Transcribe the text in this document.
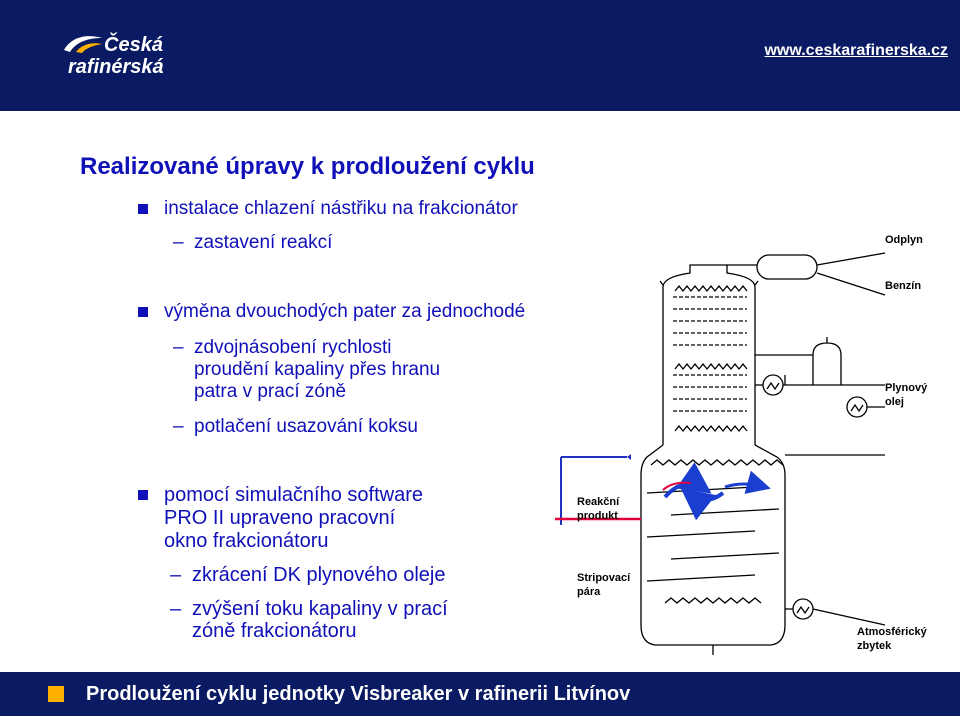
Česká
rafinérská
www.ceskarafinerska.cz
Realizované úpravy k prodloužení cyklu
instalace chlazení nástřiku na frakcionátor
– zastavení reakcí
výměna dvouchodých pater za jednochodé
– zdvojnásobení rychlosti
proudění kapaliny přes hranu
patra v prací zóně
– potlačení usazování koksu
pomocí simulačního software
PRO II upraveno pracovní
okno frakcionátoru
– zkrácení DK plynového oleje
– zvýšení toku kapaliny v prací
zóně frakcionátoru
Odplyn
Benzín
Plynový
olej
Reakční
produkt
Stripovací
pára
Atmosférický
zbytek
Prodloužení cyklu jednotky Visbreaker v rafinerii Litvínov
